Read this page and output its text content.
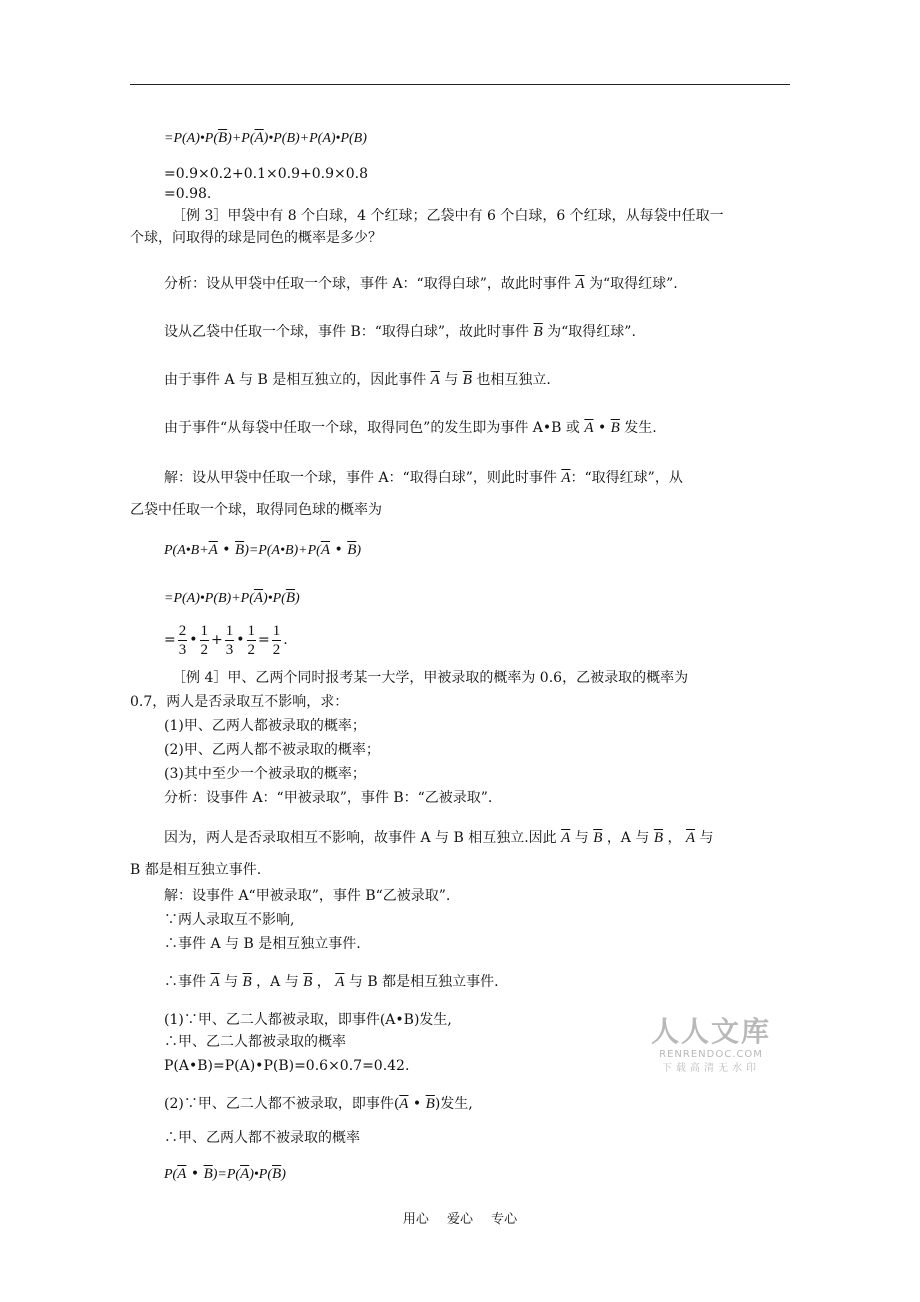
$=P(A)•P(\overline{B})+P(\overline{A})•P(B)+P(A)•P(B)$
=0.9×0.2+0.1×0.9+0.9×0.8
=0.98.
［例 3］甲袋中有 8 个白球，4 个红球；乙袋中有 6 个白球，6 个红球，从每袋中任取一
个球，问取得的球是同色的概率是多少？
分析：设从甲袋中任取一个球，事件 A：“取得白球”，故此时事件 $\overline{A}$ 为“取得红球”.
设从乙袋中任取一个球，事件 B：“取得白球”，故此时事件 $\overline{B}$ 为“取得红球”.
由于事件 A 与 B 是相互独立的，因此事件 $\overline{A}$ 与 $\overline{B}$ 也相互独立.
由于事件“从每袋中任取一个球，取得同色”的发生即为事件 A•B 或 $\overline{A}$ • $\overline{B}$ 发生.
解：设从甲袋中任取一个球，事件 A：“取得白球”，则此时事件 $\overline{A}$：“取得红球”，从
乙袋中任取一个球，取得同色球的概率为
$P(A•B+\overline{A}$ • $\overline{B})=P(A•B)+P(\overline{A}$ • $\overline{B}$)
$=P(A)•P(B)+P(\overline{A})•P(\overline{B})$
= $\frac{2}{3}$ • $\frac{1}{2} + \frac{1}{3}$ • $\frac{1}{2} = \frac{1}{2}$ .
［例 4］甲、乙两个同时报考某一大学，甲被录取的概率为 0.6，乙被录取的概率为
0.7，两人是否录取互不影响，求：
(1)甲、乙两人都被录取的概率；
(2)甲、乙两人都不被录取的概率；
(3)其中至少一个被录取的概率；
分析：设事件 A：“甲被录取”，事件 B：“乙被录取”.
因为，两人是否录取相互不影响，故事件 A 与 B 相互独立.因此 $\overline{A}$ 与 $\overline{B}$ ，A 与 $\overline{B}$ ， $\overline{A}$ 与
B 都是相互独立事件.
解：设事件 A“甲被录取”，事件 B“乙被录取”.
∵两人录取互不影响,
∴事件 A 与 B 是相互独立事件.
∴事件 $\overline{A}$ 与 $\overline{B}$ ，A 与 $\overline{B}$ ， $\overline{A}$ 与 B 都是相互独立事件.
(1)∵甲、乙二人都被录取，即事件(A•B)发生,
∴甲、乙二人都被录取的概率
P(A•B)=P(A)•P(B)=0.6×0.7=0.42.
(2)∵甲、乙二人都不被录取，即事件($\overline{A}$ • $\overline{B}$)发生,
∴甲、乙两人都不被录取的概率
$P(\overline{A}$ • $\overline{B})=P(\overline{A})•P(\overline{B})$
人人文库
RENRENDOC.COM
下载高清无水印
用心 爱心 专心
